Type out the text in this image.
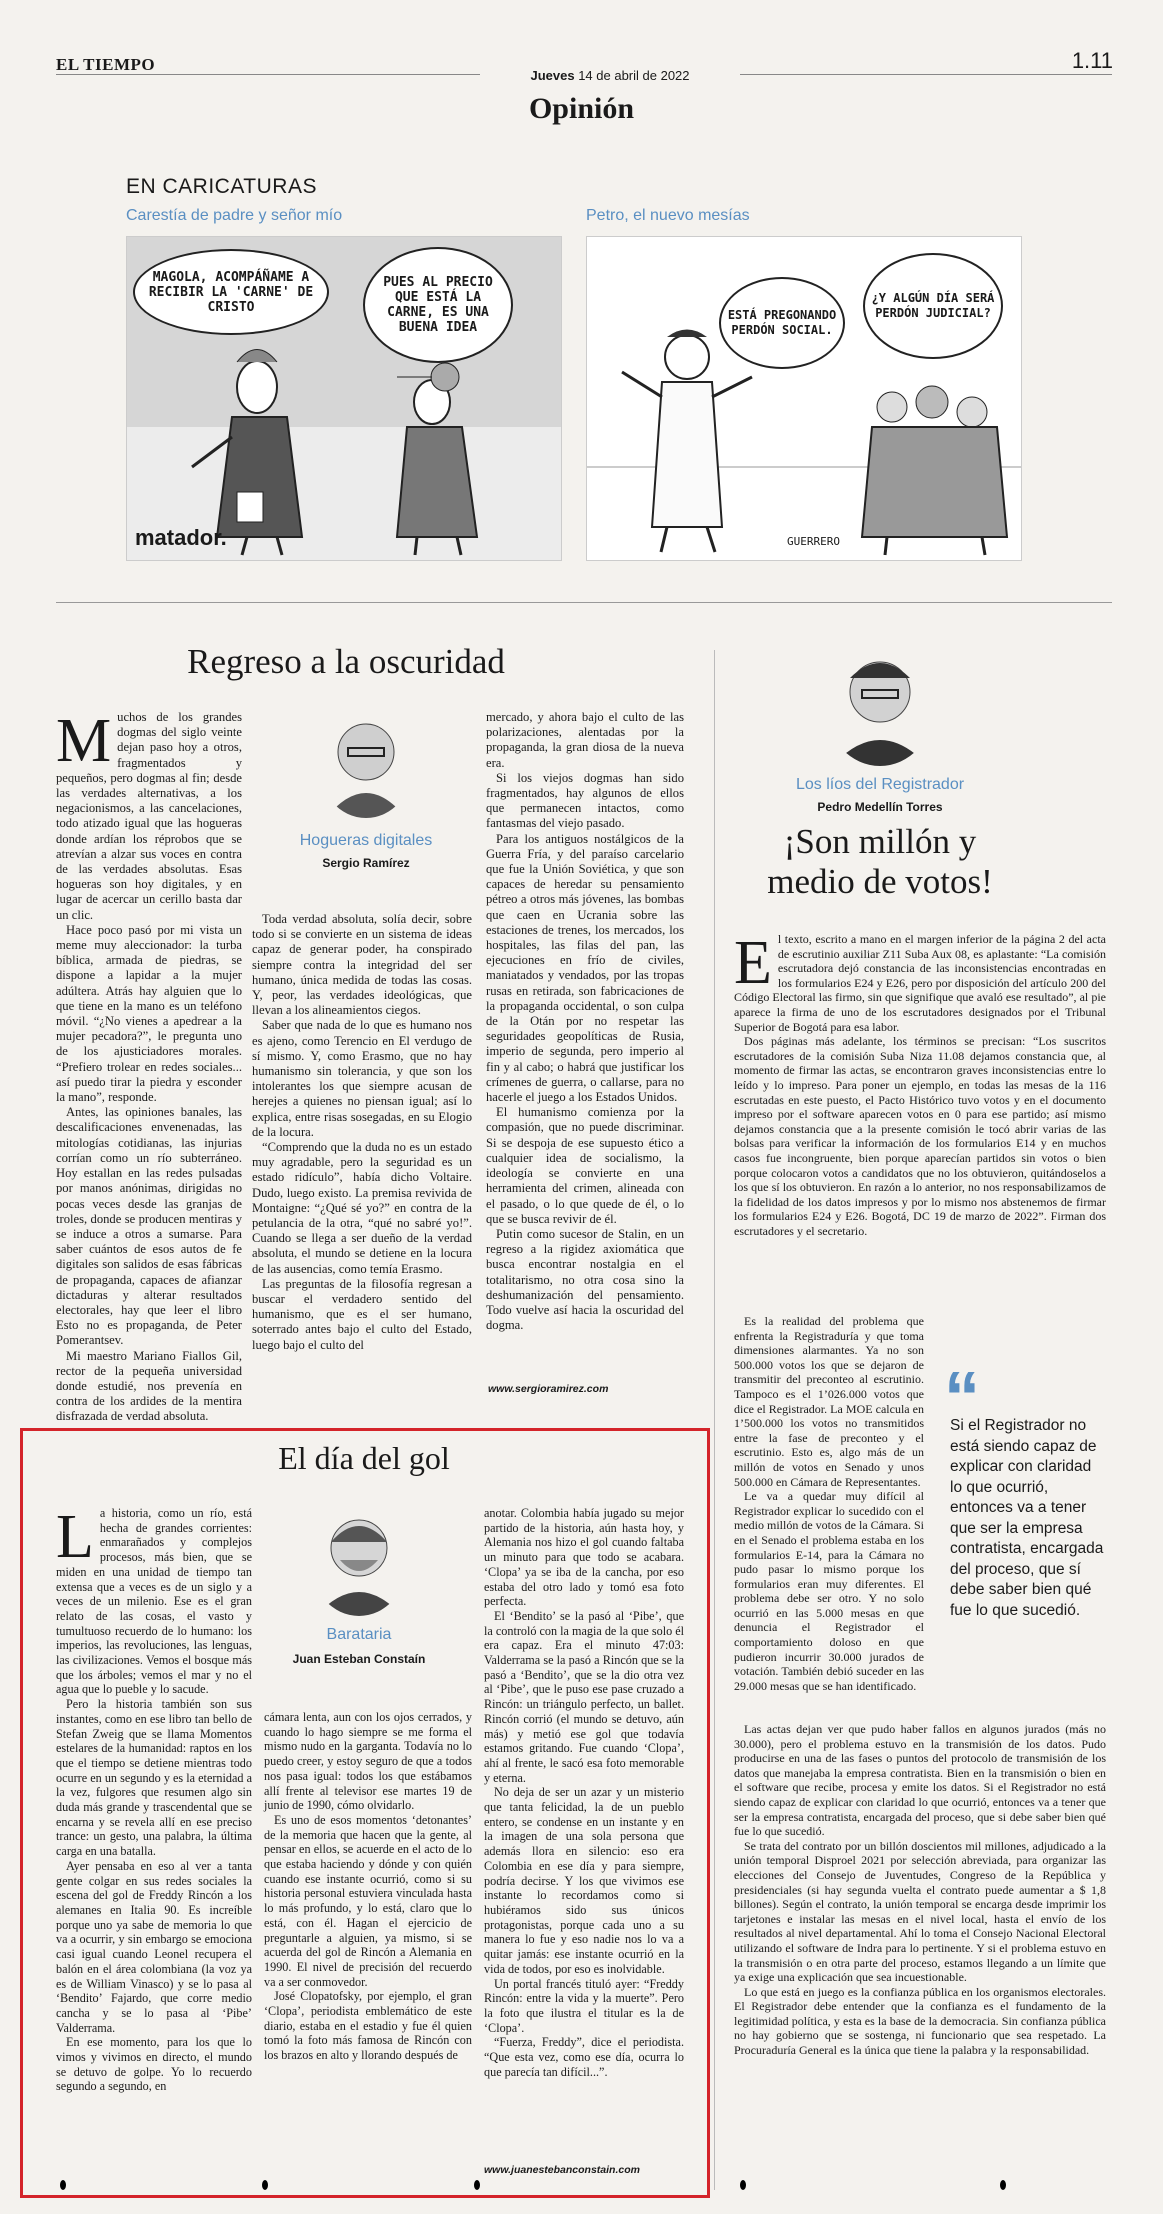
EL TIEMPO
Jueves 14 de abril de 2022
1.11
Opinión
EN CARICATURAS
Carestía de padre y señor mío	Petro, el nuevo mesías
MAGOLA, ACOMPÁÑAME A RECIBIR LA 'CARNE' DE CRISTO
PUES AL PRECIO QUE ESTÁ LA CARNE, ES UNA BUENA IDEA
matador.
ESTÁ PREGONANDO PERDÓN SOCIAL.
¿Y ALGÚN DÍA SERÁ PERDÓN JUDICIAL?
GUERRERO
Regreso a la oscuridad

Muchos de los grandes dogmas del siglo veinte dejan paso hoy a otros, fragmentados y pequeños, pero dogmas al fin; desde las verdades alternativas, a los negacionismos, a las cancelaciones, todo atizado igual que las hogueras donde ardían los réprobos que se atrevían a alzar sus voces en contra de las verdades absolutas. Esas hogueras son hoy digitales, y en lugar de acercar un cerillo basta dar un clic.

Hace poco pasó por mi vista un meme muy aleccionador: la turba bíblica, armada de piedras, se dispone a lapidar a la mujer adúltera. Atrás hay alguien que lo que tiene en la mano es un teléfono móvil. “¿No vienes a apedrear a la mujer pecadora?”, le pregunta uno de los ajusticiadores morales. “Prefiero trolear en redes sociales... así puedo tirar la piedra y esconder la mano”, responde.

Antes, las opiniones banales, las descalificaciones envenenadas, las mitologías cotidianas, las injurias corrían como un río subterráneo. Hoy estallan en las redes pulsadas por manos anónimas, dirigidas no pocas veces desde las granjas de troles, donde se producen mentiras y se induce a otros a sumarse. Para saber cuántos de esos autos de fe digitales son salidos de esas fábricas de propaganda, capaces de afianzar dictaduras y alterar resultados electorales, hay que leer el libro Esto no es propaganda, de Peter Pomerantsev.

Mi maestro Mariano Fiallos Gil, rector de la pequeña universidad donde estudié, nos prevenía en contra de los ardides de la mentira disfrazada de verdad absoluta.

Hogueras digitales
Sergio Ramírez

Toda verdad absoluta, solía decir, sobre todo si se convierte en un sistema de ideas capaz de generar poder, ha conspirado siempre contra la integridad del ser humano, única medida de todas las cosas. Y, peor, las verdades ideológicas, que llevan a los alineamientos ciegos.

Saber que nada de lo que es humano nos es ajeno, como Terencio en El verdugo de sí mismo. Y, como Erasmo, que no hay humanismo sin tolerancia, y que son los intolerantes los que siempre acusan de herejes a quienes no piensan igual; así lo explica, entre risas sosegadas, en su Elogio de la locura.

“Comprendo que la duda no es un estado muy agradable, pero la seguridad es un estado ridículo”, había dicho Voltaire. Dudo, luego existo. La premisa revivida de Montaigne: “¿Qué sé yo?” en contra de la petulancia de la otra, “qué no sabré yo!”. Cuando se llega a ser dueño de la verdad absoluta, el mundo se detiene en la locura de las ausencias, como temía Erasmo.

Las preguntas de la filosofía regresan a buscar el verdadero sentido del humanismo, que es el ser humano, soterrado antes bajo el culto del Estado, luego bajo el culto del

mercado, y ahora bajo el culto de las polarizaciones, alentadas por la propaganda, la gran diosa de la nueva era.

Si los viejos dogmas han sido fragmentados, hay algunos de ellos que permanecen intactos, como fantasmas del viejo pasado.

Para los antiguos nostálgicos de la Guerra Fría, y del paraíso carcelario que fue la Unión Soviética, y que son capaces de heredar su pensamiento pétreo a otros más jóvenes, las bombas que caen en Ucrania sobre las estaciones de trenes, los mercados, los hospitales, las filas del pan, las ejecuciones en frío de civiles, maniatados y vendados, por las tropas rusas en retirada, son fabricaciones de la propaganda occidental, o son culpa de la Otán por no respetar las seguridades geopolíticas de Rusia, imperio de segunda, pero imperio al fin y al cabo; o habrá que justificar los crímenes de guerra, o callarse, para no hacerle el juego a los Estados Unidos.

El humanismo comienza por la compasión, que no puede discriminar. Si se despoja de ese supuesto ético a cualquier idea de socialismo, la ideología se convierte en una herramienta del crimen, alineada con el pasado, o lo que quede de él, o lo que se busca revivir de él.

Putin como sucesor de Stalin, en un regreso a la rigidez axiomática que busca encontrar nostalgia en el totalitarismo, no otra cosa sino la deshumanización del pensamiento. Todo vuelve así hacia la oscuridad del dogma.

www.sergioramirez.com
Los líos del Registrador
Pedro Medellín Torres
¡Son millón y
medio de votos!

El texto, escrito a mano en el margen inferior de la página 2 del acta de escrutinio auxiliar Z11 Suba Aux 08, es aplastante: “La comisión escrutadora dejó constancia de las inconsistencias encontradas en los formularios E24 y E26, pero por disposición del artículo 200 del Código Electoral las firmo, sin que signifique que avaló ese resultado”, al pie aparece la firma de uno de los escrutadores designados por el Tribunal Superior de Bogotá para esa labor.

Dos páginas más adelante, los términos se precisan: “Los suscritos escrutadores de la comisión Suba Niza 11.08 dejamos constancia que, al momento de firmar las actas, se encontraron graves inconsistencias entre lo leído y lo impreso. Para poner un ejemplo, en todas las mesas de la 116 escrutadas en este puesto, el Pacto Histórico tuvo votos y en el documento impreso por el software aparecen votos en 0 para ese partido; así mismo dejamos constancia que a la presente comisión le tocó abrir varias de las bolsas para verificar la información de los formularios E14 y en muchos casos fue incongruente, bien porque aparecían partidos sin votos o bien porque colocaron votos a candidatos que no los obtuvieron, quitándoselos a los que sí los obtuvieron. En razón a lo anterior, no nos responsabilizamos de la fidelidad de los datos impresos y por lo mismo nos abstenemos de firmar los formularios E24 y E26. Bogotá, DC 19 de marzo de 2022”. Firman dos escrutadores y el secretario.

Es la realidad del problema que enfrenta la Registraduría y que toma dimensiones alarmantes. Ya no son 500.000 votos los que se dejaron de transmitir del preconteo al escrutinio. Tampoco es el 1’026.000 votos que dice el Registrador. La MOE calcula en 1’500.000 los votos no transmitidos entre la fase de preconteo y el escrutinio. Esto es, algo más de un millón de votos en Senado y unos 500.000 en Cámara de Representantes.

Le va a quedar muy difícil al Registrador explicar lo sucedido con el medio millón de votos de la Cámara. Si en el Senado el problema estaba en los formularios E-14, para la Cámara no pudo pasar lo mismo porque los formularios eran muy diferentes. El problema debe ser otro. Y no solo ocurrió en las 5.000 mesas en que denuncia el Registrador el comportamiento doloso en que pudieron incurrir 30.000 jurados de votación. También debió suceder en las 29.000 mesas que se han identificado.

“
Si el Registrador no está siendo capaz de explicar con claridad lo que ocurrió, entonces va a tener que ser la empresa contratista, encargada del proceso, que sí debe saber bien qué fue lo que sucedió.

Las actas dejan ver que pudo haber fallos en algunos jurados (más no 30.000), pero el problema estuvo en la transmisión de los datos. Pudo producirse en una de las fases o puntos del protocolo de transmisión de los datos que manejaba la empresa contratista. Bien en la transmisión o bien en el software que recibe, procesa y emite los datos. Si el Registrador no está siendo capaz de explicar con claridad lo que ocurrió, entonces va a tener que ser la empresa contratista, encargada del proceso, que si debe saber bien qué fue lo que sucedió.

Se trata del contrato por un billón doscientos mil millones, adjudicado a la unión temporal Disproel 2021 por selección abreviada, para organizar las elecciones del Consejo de Juventudes, Congreso de la República y presidenciales (si hay segunda vuelta el contrato puede aumentar a $ 1,8 billones). Según el contrato, la unión temporal se encarga desde imprimir los tarjetones e instalar las mesas en el nivel local, hasta el envío de los resultados al nivel departamental. Ahí lo toma el Consejo Nacional Electoral utilizando el software de Indra para lo pertinente. Y si el problema estuvo en la transmisión o en otra parte del proceso, estamos llegando a un límite que ya exige una explicación que sea incuestionable.

Lo que está en juego es la confianza pública en los organismos electorales. El Registrador debe entender que la confianza es el fundamento de la legitimidad política, y esta es la base de la democracia. Sin confianza pública no hay gobierno que se sostenga, ni funcionario que sea respetado. La Procuraduría General es la única que tiene la palabra y la responsabilidad.

El día del gol

La historia, como un río, está hecha de grandes corrientes: enmarañados y complejos procesos, más bien, que se miden en una unidad de tiempo tan extensa que a veces es de un siglo y a veces de un milenio. Ese es el gran relato de las cosas, el vasto y tumultuoso recuerdo de lo humano: los imperios, las revoluciones, las lenguas, las civilizaciones. Vemos el bosque más que los árboles; vemos el mar y no el agua que lo pueble y lo sacude.

Pero la historia también son sus instantes, como en ese libro tan bello de Stefan Zweig que se llama Momentos estelares de la humanidad: raptos en los que el tiempo se detiene mientras todo ocurre en un segundo y es la eternidad a la vez, fulgores que resumen algo sin duda más grande y trascendental que se encarna y se revela allí en ese preciso trance: un gesto, una palabra, la última carga en una batalla.

Ayer pensaba en eso al ver a tanta gente colgar en sus redes sociales la escena del gol de Freddy Rincón a los alemanes en Italia 90. Es increíble porque uno ya sabe de memoria lo que va a ocurrir, y sin embargo se emociona casi igual cuando Leonel recupera el balón en el área colombiana (la voz ya es de William Vinasco) y se lo pasa al ‘Bendito’ Fajardo, que corre medio cancha y se lo pasa al ‘Pibe’ Valderrama.

En ese momento, para los que lo vimos y vivimos en directo, el mundo se detuvo de golpe. Yo lo recuerdo segundo a segundo, en

Barataria
Juan Esteban Constaín

cámara lenta, aun con los ojos cerrados, y cuando lo hago siempre se me forma el mismo nudo en la garganta. Todavía no lo puedo creer, y estoy seguro de que a todos nos pasa igual: todos los que estábamos allí frente al televisor ese martes 19 de junio de 1990, cómo olvidarlo.

Es uno de esos momentos ‘detonantes’ de la memoria que hacen que la gente, al pensar en ellos, se acuerde en el acto de lo que estaba haciendo y dónde y con quién cuando ese instante ocurrió, como si su historia personal estuviera vinculada hasta lo más profundo, y lo está, claro que lo está, con él. Hagan el ejercicio de preguntarle a alguien, ya mismo, si se acuerda del gol de Rincón a Alemania en 1990. El nivel de precisión del recuerdo va a ser conmovedor.

José Clopatofsky, por ejemplo, el gran ‘Clopa’, periodista emblemático de este diario, estaba en el estadio y fue él quien tomó la foto más famosa de Rincón con los brazos en alto y llorando después de

anotar. Colombia había jugado su mejor partido de la historia, aún hasta hoy, y Alemania nos hizo el gol cuando faltaba un minuto para que todo se acabara. ‘Clopa’ ya se iba de la cancha, por eso estaba del otro lado y tomó esa foto perfecta.

El ‘Bendito’ se la pasó al ‘Pibe’, que la controló con la magia de la que solo él era capaz. Era el minuto 47:03: Valderrama se la pasó a Rincón que se la pasó a ‘Bendito’, que se la dio otra vez al ‘Pibe’, que le puso ese pase cruzado a Rincón: un triángulo perfecto, un ballet. Rincón corrió (el mundo se detuvo, aún más) y metió ese gol que todavía estamos gritando. Fue cuando ‘Clopa’, ahí al frente, le sacó esa foto memorable y eterna.

No deja de ser un azar y un misterio que tanta felicidad, la de un pueblo entero, se condense en un instante y en la imagen de una sola persona que además llora en silencio: eso era Colombia en ese día y para siempre, podría decirse. Y los que vivimos ese instante lo recordamos como si hubiéramos sido sus únicos protagonistas, porque cada uno a su manera lo fue y eso nadie nos lo va a quitar jamás: ese instante ocurrió en la vida de todos, por eso es inolvidable.

Un portal francés tituló ayer: “Freddy Rincón: entre la vida y la muerte”. Pero la foto que ilustra el titular es la de ‘Clopa’.

“Fuerza, Freddy”, dice el periodista. “Que esta vez, como ese día, ocurra lo que parecía tan difícil...”.

www.juanestebanconstain.com
